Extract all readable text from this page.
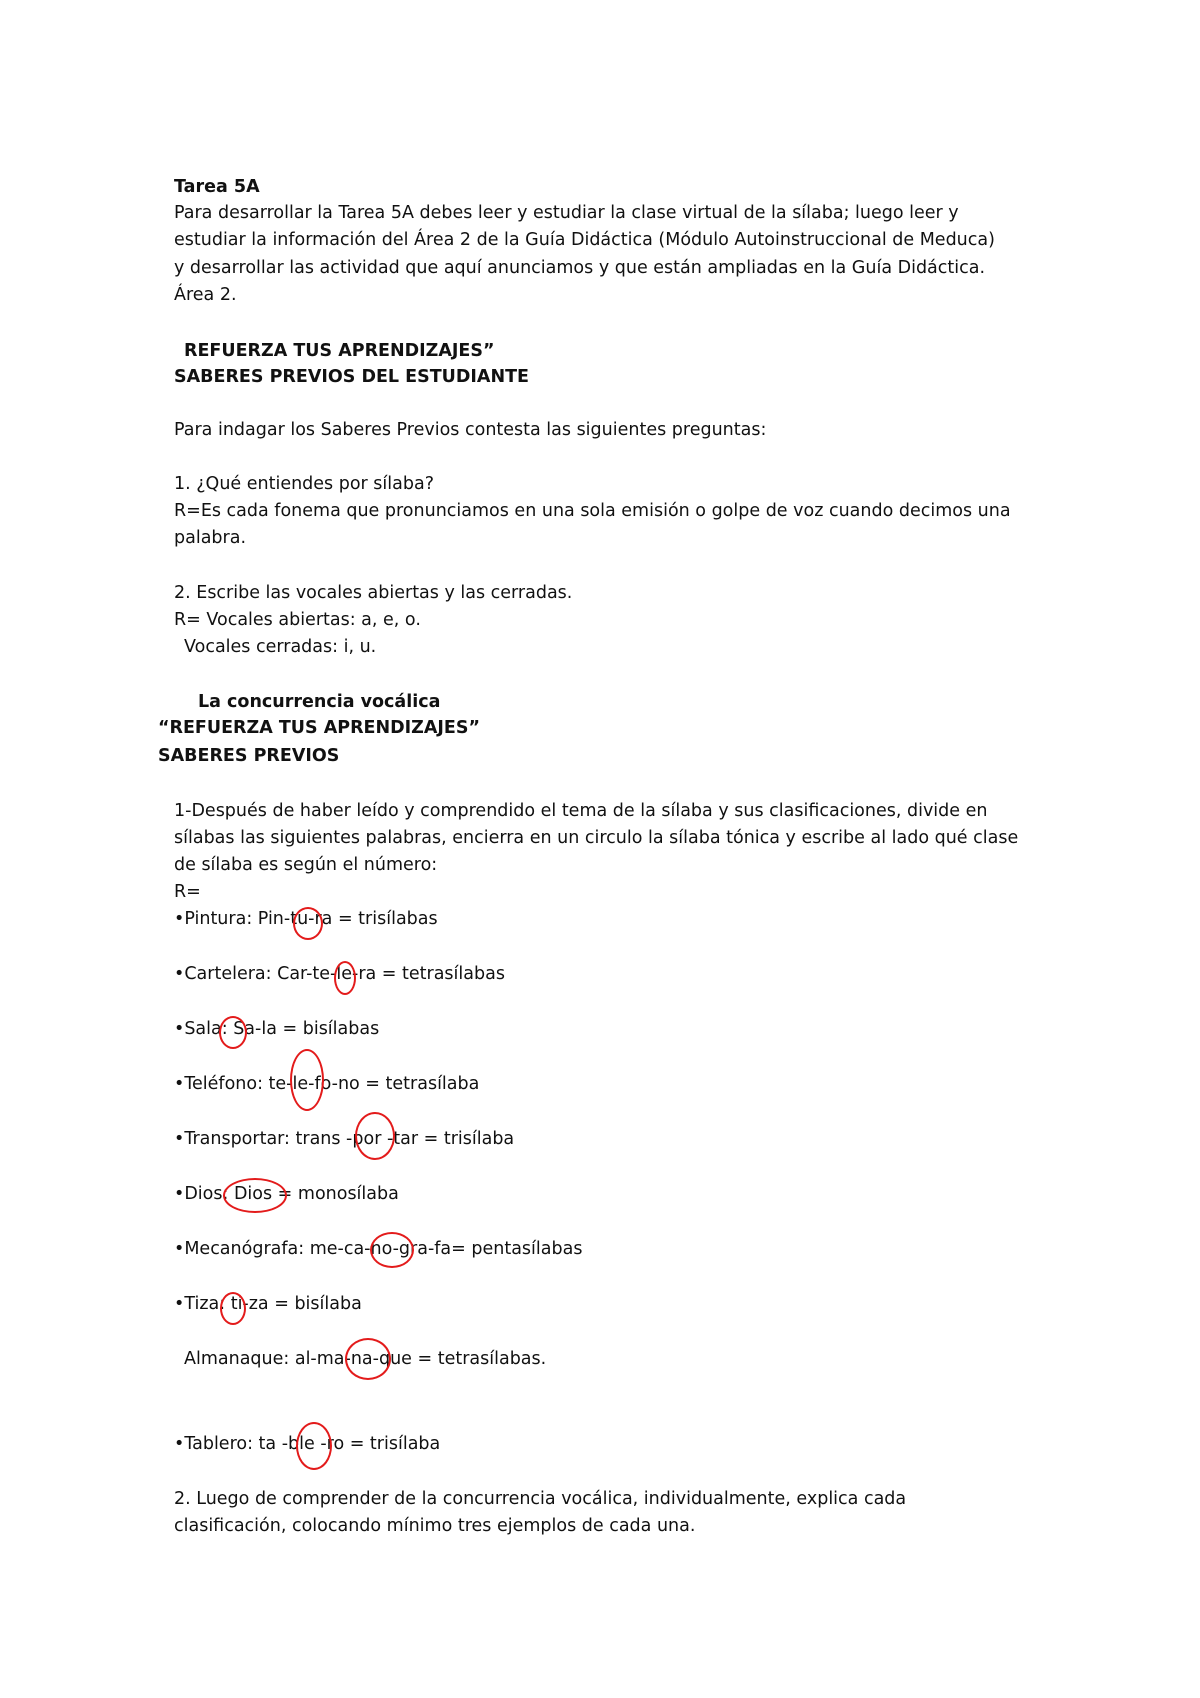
Tarea 5A
Para desarrollar la Tarea 5A debes leer y estudiar la clase virtual de la sílaba; luego leer y
estudiar la información del Área 2 de la Guía Didáctica (Módulo Autoinstruccional de Meduca)
y desarrollar las actividad que aquí anunciamos y que están ampliadas en la Guía Didáctica.
Área 2.
REFUERZA TUS APRENDIZAJES”
SABERES PREVIOS DEL ESTUDIANTE
Para indagar los Saberes Previos contesta las siguientes preguntas:
1. ¿Qué entiendes por sílaba?
R=Es cada fonema que pronunciamos en una sola emisión o golpe de voz cuando decimos una
palabra.
2. Escribe las vocales abiertas y las cerradas.
R= Vocales abiertas: a, e, o.
Vocales cerradas: i, u.
La concurrencia vocálica
“REFUERZA TUS APRENDIZAJES”
SABERES PREVIOS
1-Después de haber leído y comprendido el tema de la sílaba y sus clasificaciones, divide en
sílabas las siguientes palabras, encierra en un circulo la sílaba tónica y escribe al lado qué clase
de sílaba es según el número:
R=
•Pintura: Pin-tu-ra = trisílabas
•Cartelera: Car-te-le-ra = tetrasílabas
•Sala: Sa-la = bisílabas
•Teléfono: te-le-fo-no = tetrasílaba
•Transportar: trans -por -tar = trisílaba
•Dios: Dios = monosílaba
•Mecanógrafa: me-ca-no-gra-fa= pentasílabas
•Tiza: ti-za = bisílaba
Almanaque: al-ma-na-que = tetrasílabas.
•Tablero: ta -ble -ro = trisílaba
2. Luego de comprender de la concurrencia vocálica, individualmente, explica cada
clasificación, colocando mínimo tres ejemplos de cada una.
